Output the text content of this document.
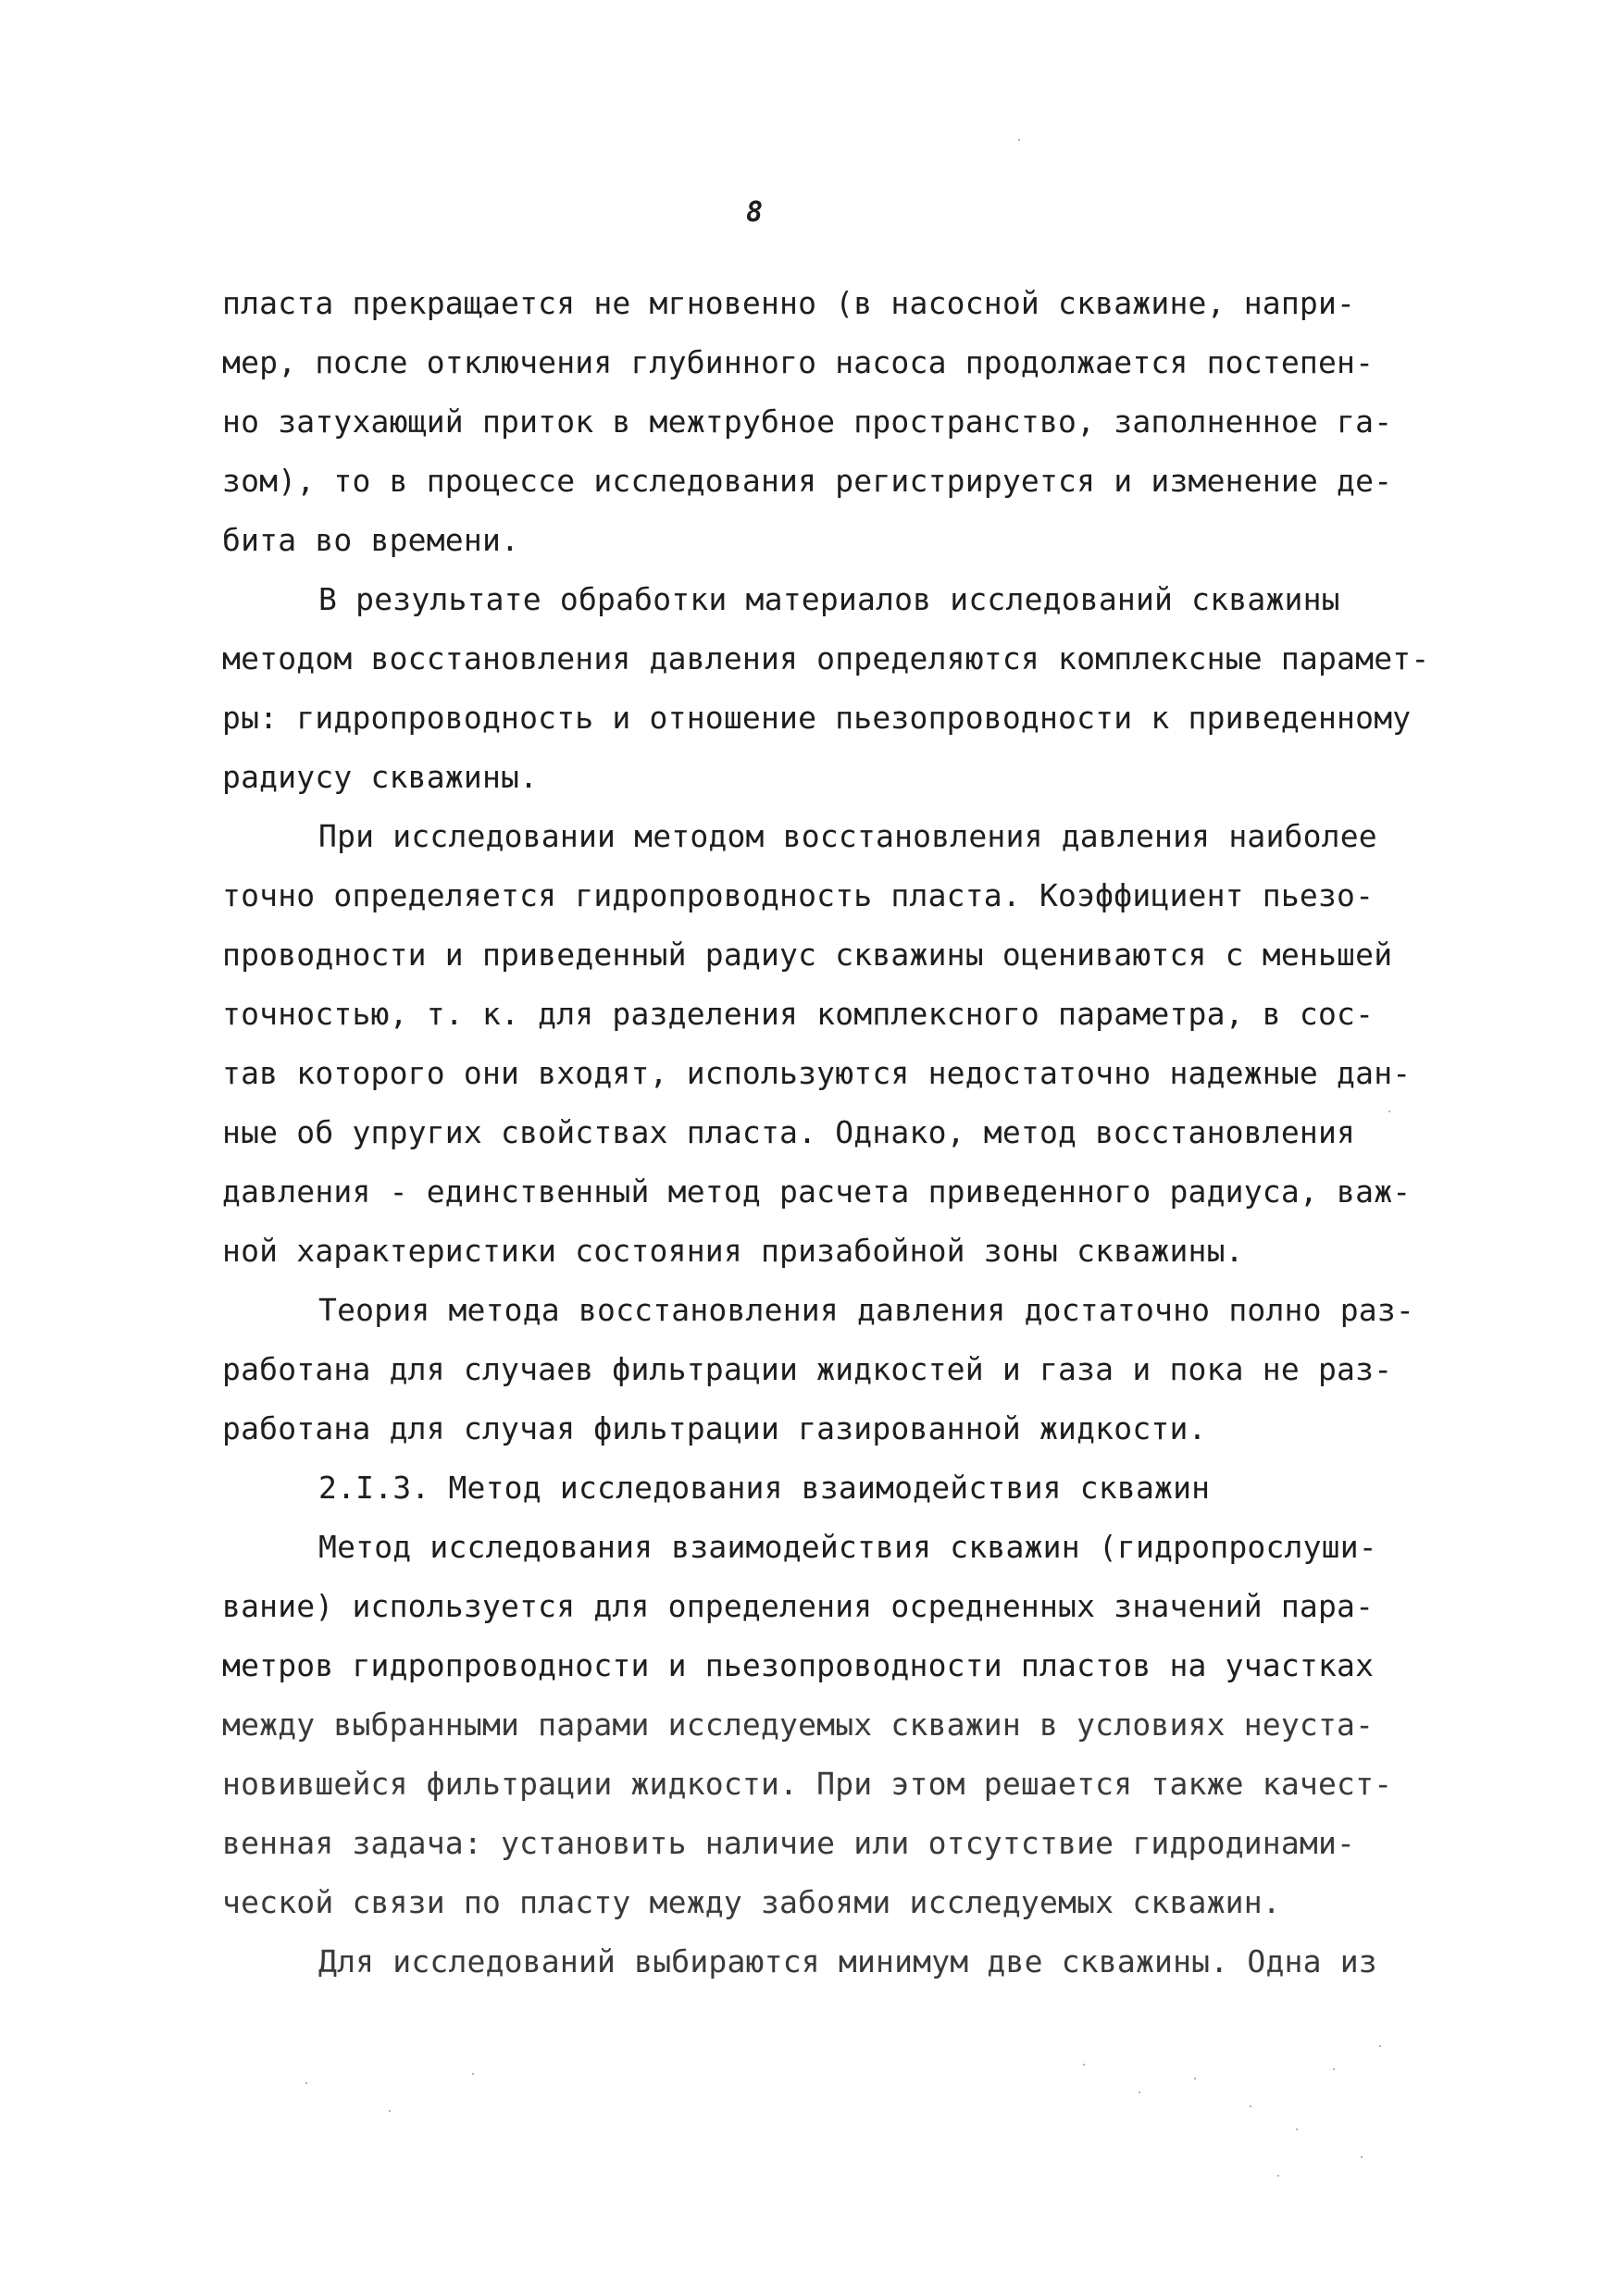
8
пласта прекращается не мгновенно (в насосной скважине, напри-
мер, после отключения глубинного насоса продолжается постепен-
но затухающий приток в межтрубное пространство, заполненное га-
зом), то в процессе исследования регистрируется и изменение де-
бита во времени.
В результате обработки материалов исследований скважины
методом восстановления давления определяются комплексные парамет-
ры: гидропроводность и отношение пьезопроводности к приведенному
радиусу скважины.
При исследовании методом восстановления давления наиболее
точно определяется гидропроводность пласта. Коэффициент пьезо-
проводности и приведенный радиус скважины оцениваются с меньшей
точностью, т. к. для разделения комплексного параметра, в сос-
тав которого они входят, используются недостаточно надежные дан-
ные об упругих свойствах пласта. Однако, метод восстановления
давления - единственный метод расчета приведенного радиуса, важ-
ной характеристики состояния призабойной зоны скважины.
Теория метода восстановления давления достаточно полно раз-
работана для случаев фильтрации жидкостей и газа и пока не раз-
работана для случая фильтрации газированной жидкости.
2.I.3. Метод исследования взаимодействия скважин
Метод исследования взаимодействия скважин (гидропрослуши-
вание) используется для определения осредненных значений пара-
метров гидропроводности и пьезопроводности пластов на участках
между выбранными парами исследуемых скважин в условиях неуста-
новившейся фильтрации жидкости. При этом решается также качест-
венная задача: установить наличие или отсутствие гидродинами-
ческой связи по пласту между забоями исследуемых скважин.
Для исследований выбираются минимум две скважины. Одна из
